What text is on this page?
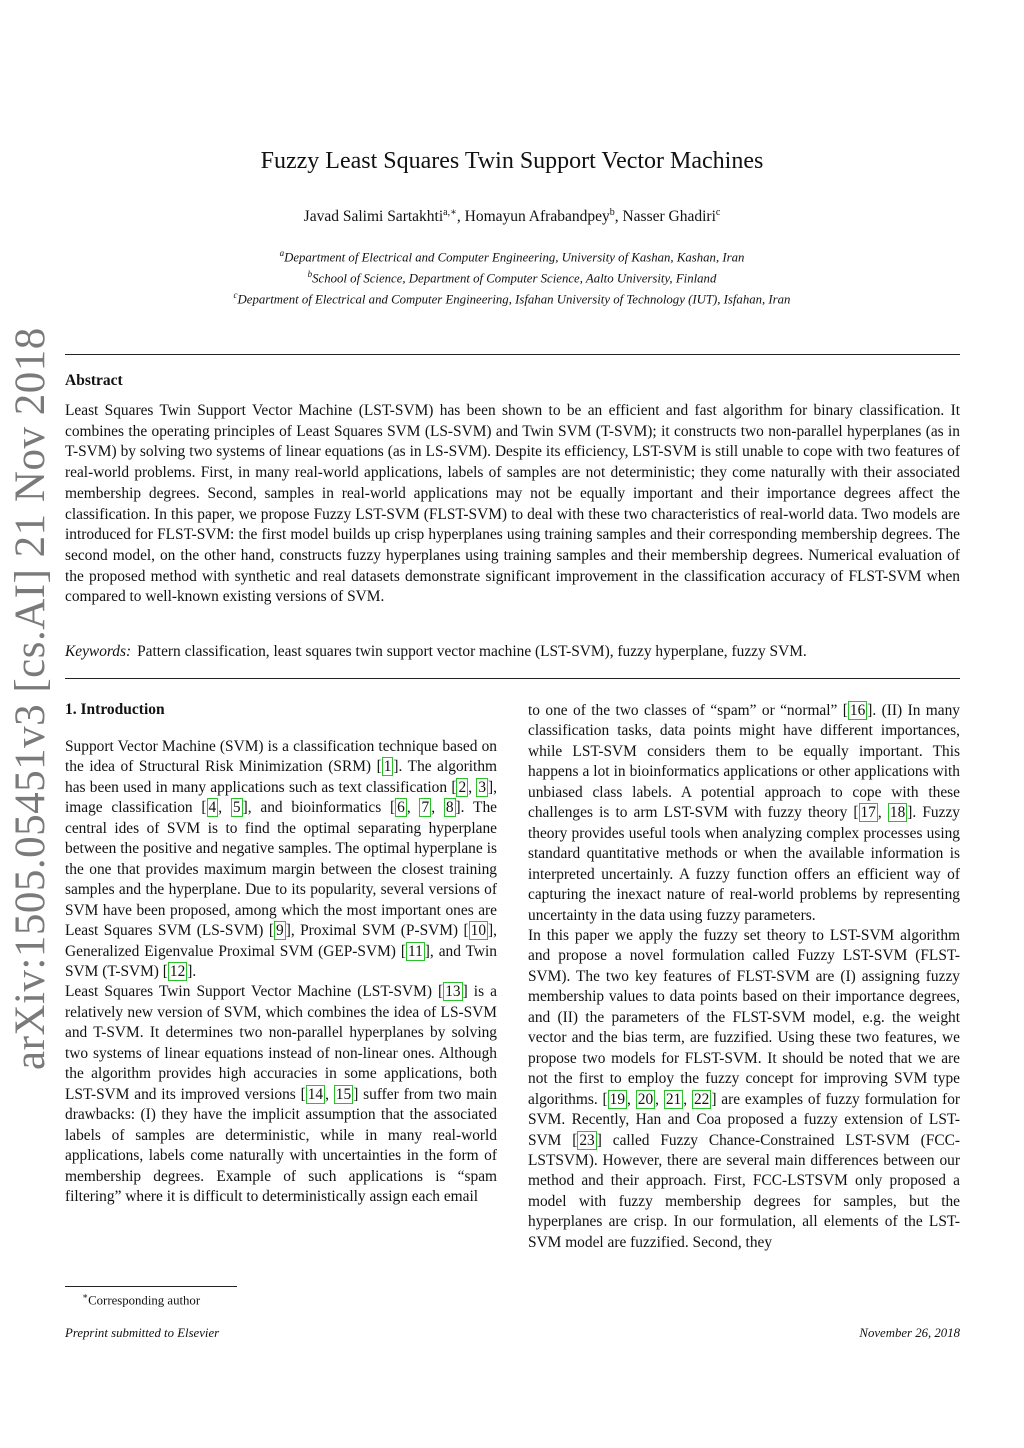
arXiv:1505.05451v3 [cs.AI] 21 Nov 2018
Fuzzy Least Squares Twin Support Vector Machines
Javad Salimi Sartakhti$^{a,∗}$, Homayun Afrabandpey$^b$, Nasser Ghadiri$^c$
$^a$Department of Electrical and Computer Engineering, University of Kashan, Kashan, Iran
$^b$School of Science, Department of Computer Science, Aalto University, Finland
$^c$Department of Electrical and Computer Engineering, Isfahan University of Technology (IUT), Isfahan, Iran
Abstract
Least Squares Twin Support Vector Machine (LST-SVM) has been shown to be an efficient and fast algorithm for binary classification. It combines the operating principles of Least Squares SVM (LS-SVM) and Twin SVM (T-SVM); it constructs two non-parallel hyperplanes (as in T-SVM) by solving two systems of linear equations (as in LS-SVM). Despite its efficiency, LST-SVM is still unable to cope with two features of real-world problems. First, in many real-world applications, labels of samples are not deterministic; they come naturally with their associated membership degrees. Second, samples in real-world applications may not be equally important and their importance degrees affect the classification. In this paper, we propose Fuzzy LST-SVM (FLST-SVM) to deal with these two characteristics of real-world data. Two models are introduced for FLST-SVM: the first model builds up crisp hyperplanes using training samples and their corresponding membership degrees. The second model, on the other hand, constructs fuzzy hyperplanes using training samples and their membership degrees. Numerical evaluation of the proposed method with synthetic and real datasets demonstrate significant improvement in the classification accuracy of FLST-SVM when compared to well-known existing versions of SVM.
Keywords: Pattern classification, least squares twin support vector machine (LST-SVM), fuzzy hyperplane, fuzzy SVM.
1. Introduction

Support Vector Machine (SVM) is a classification technique based on the idea of Structural Risk Minimization (SRM) [ 1 ]. The algorithm has been used in many applications such as text classification [ 2 , 3 ], image classification [ 4 , 5 ], and bioinformatics [ 6 , 7 , 8 ]. The central ides of SVM is to find the optimal separating hyperplane between the positive and negative samples. The optimal hyperplane is the one that provides maximum margin between the closest training samples and the hyperplane. Due to its popularity, several versions of SVM have been proposed, among which the most important ones are Least Squares SVM (LS-SVM) [ 9 ], Proximal SVM (P-SVM) [ 10 ], Generalized Eigenvalue Proximal SVM (GEP-SVM) [ 11 ], and Twin SVM (T-SVM) [ 12 ].

Least Squares Twin Support Vector Machine (LST-SVM) [ 13 ] is a relatively new version of SVM, which combines the idea of LS-SVM and T-SVM. It determines two non-parallel hyperplanes by solving two systems of linear equations instead of non-linear ones. Although the algorithm provides high accuracies in some applications, both LST-SVM and its improved versions [ 14 , 15 ] suffer from two main drawbacks: (I) they have the implicit assumption that the associated labels of samples are deterministic, while in many real-world applications, labels come naturally with uncertainties in the form of membership degrees. Example of such applications is “spam filtering” where it is difficult to deterministically assign each email

to one of the two classes of “spam” or “normal” [ 16 ]. (II) In many classification tasks, data points might have different importances, while LST-SVM considers them to be equally important. This happens a lot in bioinformatics applications or other applications with unbiased class labels. A potential approach to cope with these challenges is to arm LST-SVM with fuzzy theory [ 17 , 18 ]. Fuzzy theory provides useful tools when analyzing complex processes using standard quantitative methods or when the available information is interpreted uncertainly. A fuzzy function offers an efficient way of capturing the inexact nature of real-world problems by representing uncertainty in the data using fuzzy parameters.

In this paper we apply the fuzzy set theory to LST-SVM algorithm and propose a novel formulation called Fuzzy LST-SVM (FLST-SVM). The two key features of FLST-SVM are (I) assigning fuzzy membership values to data points based on their importance degrees, and (II) the parameters of the FLST-SVM model, e.g. the weight vector and the bias term, are fuzzified. Using these two features, we propose two models for FLST-SVM. It should be noted that we are not the first to employ the fuzzy concept for improving SVM type algorithms. [ 19 , 20 , 21 , 22 ] are examples of fuzzy formulation for SVM. Recently, Han and Coa proposed a fuzzy extension of LST-SVM [ 23 ] called Fuzzy Chance-Constrained LST-SVM (FCC-LSTSVM). However, there are several main differences between our method and their approach. First, FCC-LSTSVM only proposed a model with fuzzy membership degrees for samples, but the hyperplanes are crisp. In our formulation, all elements of the LST-SVM model are fuzzified. Second, they

∗Corresponding author
Preprint submitted to Elsevier	November 26, 2018
